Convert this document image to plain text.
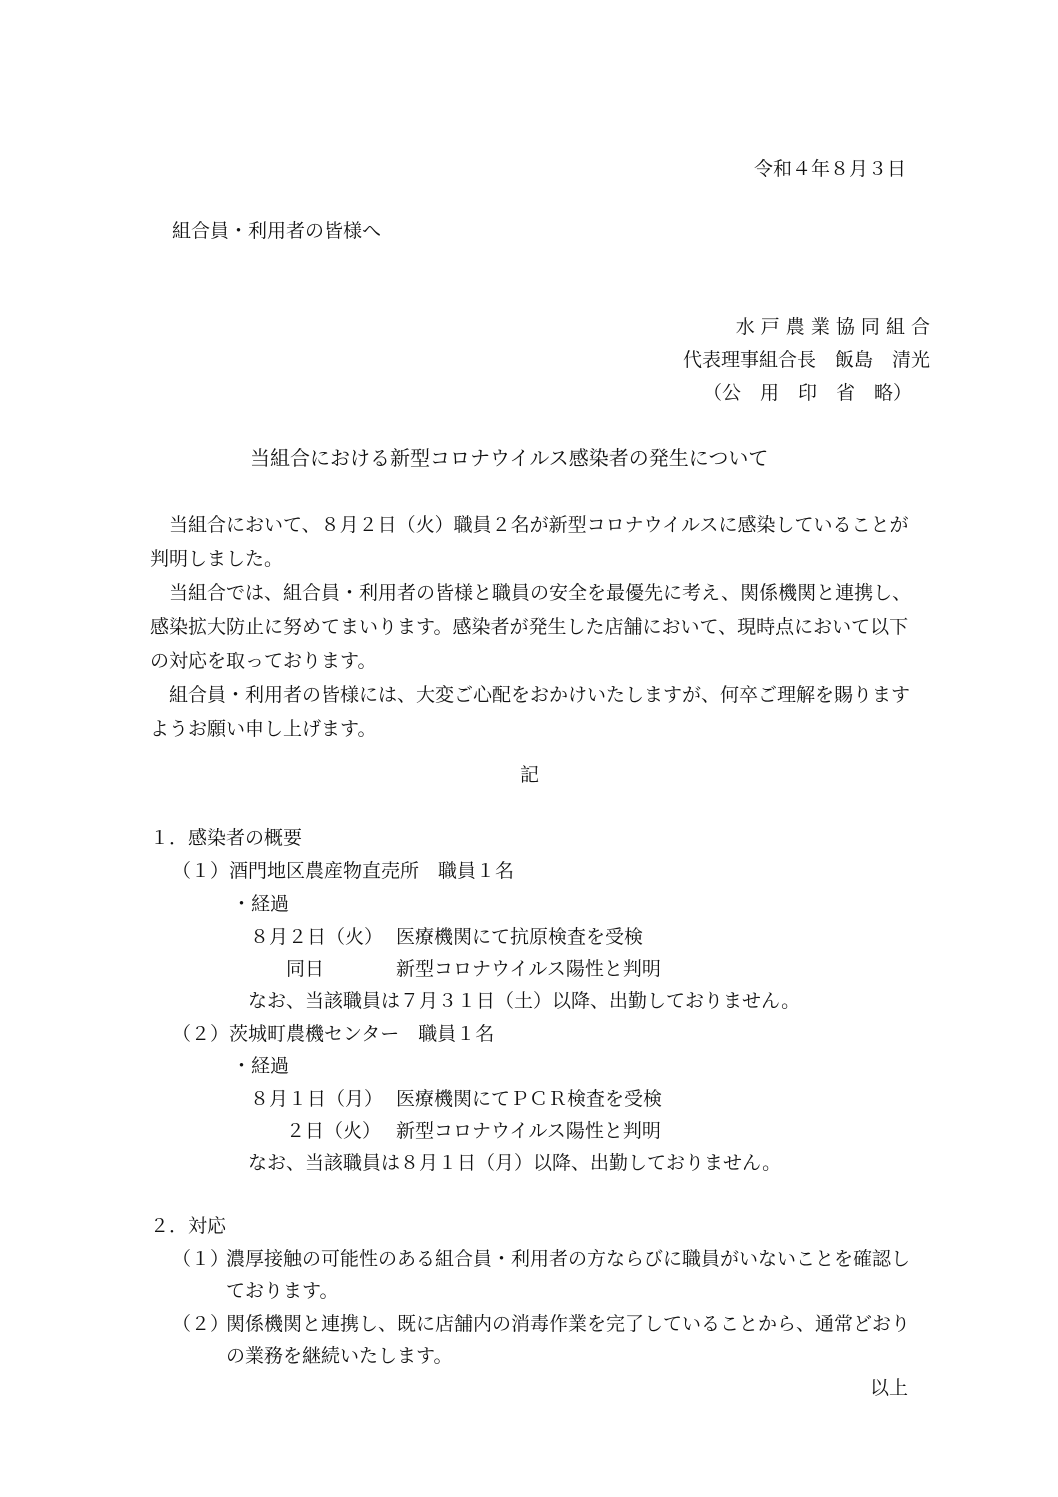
令和４年８月３日
組合員・利用者の皆様へ
水 戸 農 業 協 同 組 合
代表理事組合長　飯島　清光
（公　用　印　省　略）
当組合における新型コロナウイルス感染者の発生について

当組合において、８月２日（火）職員２名が新型コロナウイルスに感染していることが判明しました。

当組合では、組合員・利用者の皆様と職員の安全を最優先に考え、関係機関と連携し、感染拡大防止に努めてまいります。感染者が発生した店舗において、現時点において以下の対応を取っております。

組合員・利用者の皆様には、大変ご心配をおかけいたしますが、何卒ご理解を賜りますようお願い申し上げます。

記
１．感染者の概要
（１）酒門地区農産物直売所　職員１名
・経過
８月２日（火） 医療機関にて抗原検査を受検
同日	新型コロナウイルス陽性と判明
なお、当該職員は７月３１日（土）以降、出勤しておりません。
（２）茨城町農機センター　職員１名
・経過
８月１日（月） 医療機関にてＰＣＲ検査を受検
２日（火） 新型コロナウイルス陽性と判明
なお、当該職員は８月１日（月）以降、出勤しておりません。
２．対応
（１）
濃厚接触の可能性のある組合員・利用者の方ならびに職員がいないことを確認し
ております。
（２）
関係機関と連携し、既に店舗内の消毒作業を完了していることから、通常どおり
の業務を継続いたします。
以上
